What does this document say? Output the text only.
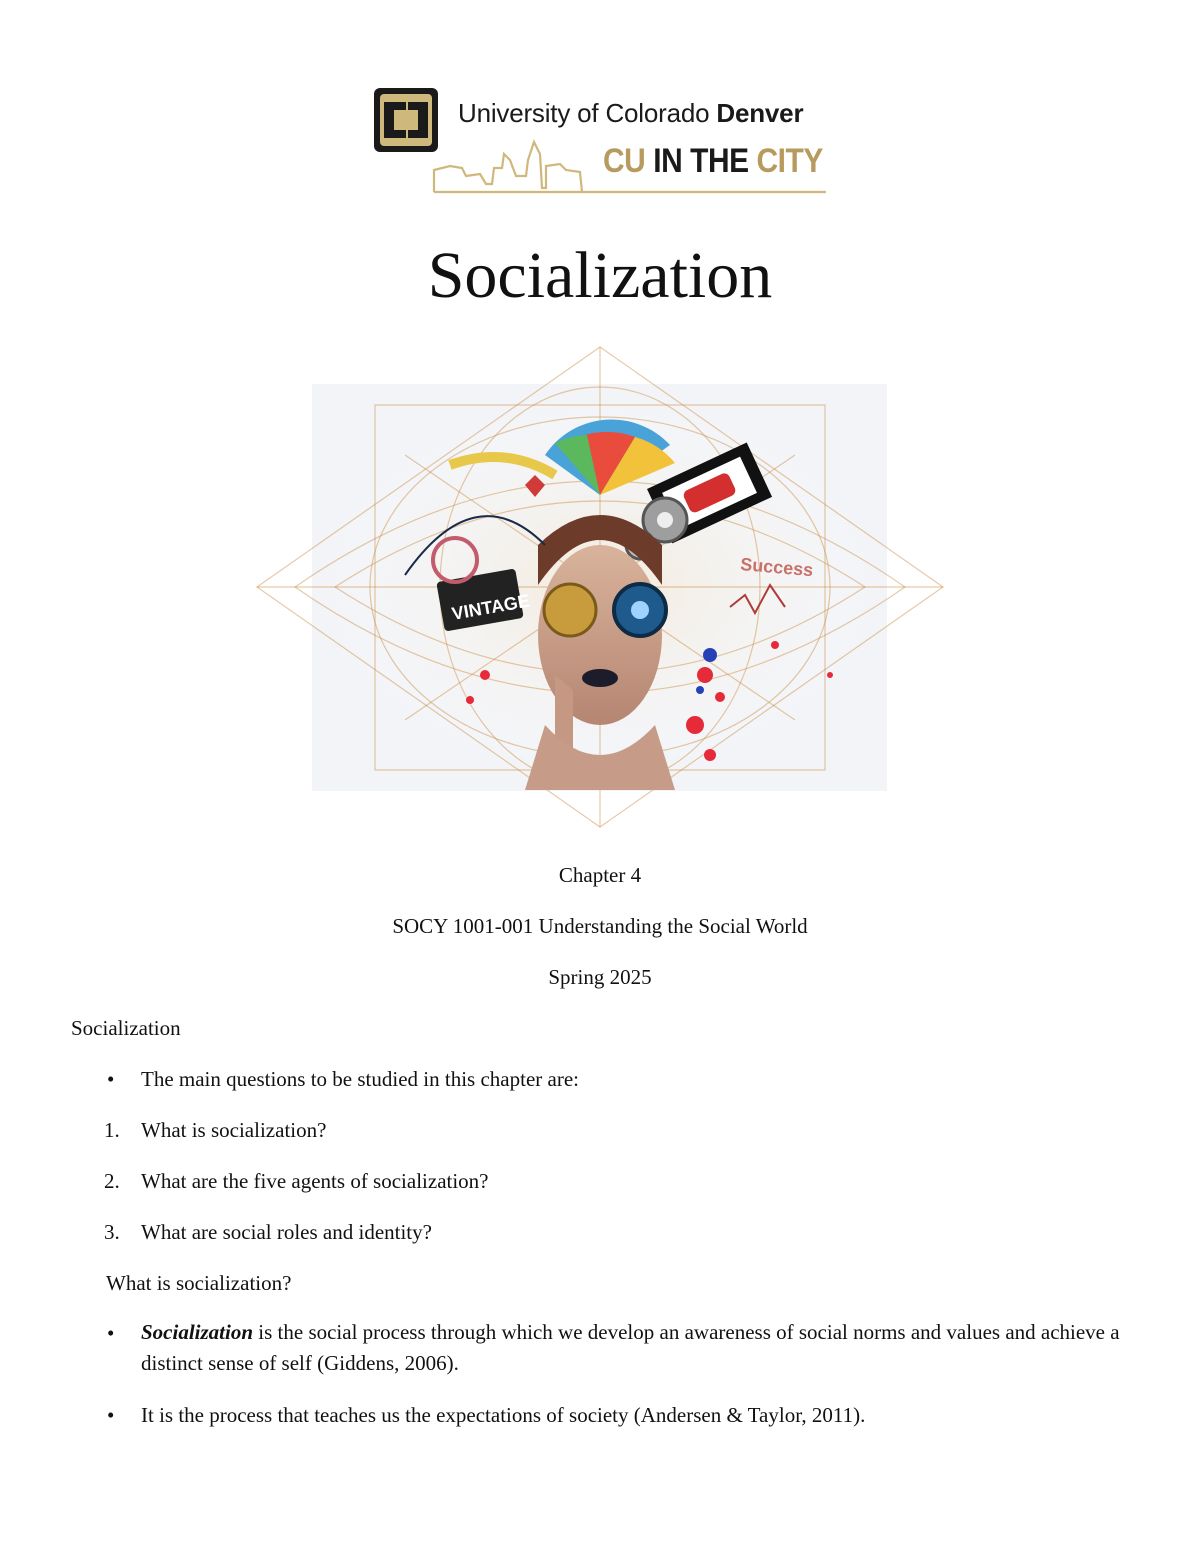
University of Colorado Denver
CU IN THE CITY
Socialization
VINTAGE
Success
Chapter 4
SOCY 1001-001 Understanding the Social World
Spring 2025
Socialization
• The main questions to be studied in this chapter are:
1. What is socialization?
2. What are the five agents of socialization?
3. What are social roles and identity?
What is socialization?
• Socialization is the social process through which we develop an awareness of social norms and values and achieve a distinct sense of self (Giddens, 2006).
• It is the process that teaches us the expectations of society (Andersen & Taylor, 2011).
